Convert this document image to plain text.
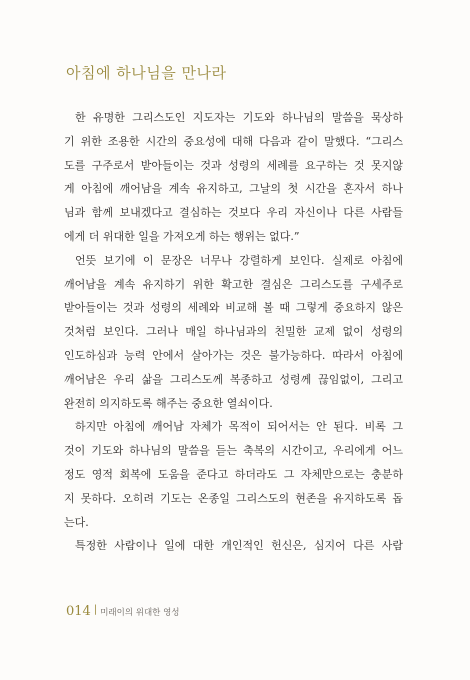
아침에 하나님을 만나라
한 유명한 그리스도인 지도자는 기도와 하나님의 말씀을 묵상하
기 위한 조용한 시간의 중요성에 대해 다음과 같이 말했다. “그리스
도를 구주로서 받아들이는 것과 성령의 세례를 요구하는 것 못지않
게 아침에 깨어남을 계속 유지하고, 그날의 첫 시간을 혼자서 하나
님과 함께 보내겠다고 결심하는 것보다 우리 자신이나 다른 사람들
에게 더 위대한 일을 가져오게 하는 행위는 없다.”
언뜻 보기에 이 문장은 너무나 강렬하게 보인다. 실제로 아침에
깨어남을 계속 유지하기 위한 확고한 결심은 그리스도를 구세주로
받아들이는 것과 성령의 세례와 비교해 볼 때 그렇게 중요하지 않은
것처럼 보인다. 그러나 매일 하나님과의 친밀한 교제 없이 성령의
인도하심과 능력 안에서 살아가는 것은 불가능하다. 따라서 아침에
깨어남은 우리 삶을 그리스도께 복종하고 성령께 끊임없이, 그리고
완전히 의지하도록 해주는 중요한 열쇠이다.
하지만 아침에 깨어남 자체가 목적이 되어서는 안 된다. 비록 그
것이 기도와 하나님의 말씀을 듣는 축복의 시간이고, 우리에게 어느
정도 영적 회복에 도움을 준다고 하더라도 그 자체만으로는 충분하
지 못하다. 오히려 기도는 온종일 그리스도의 현존을 유지하도록 돕
는다.
특정한 사람이나 일에 대한 개인적인 헌신은, 심지어 다른 사람
014 | 미래이의 위대한 영성
